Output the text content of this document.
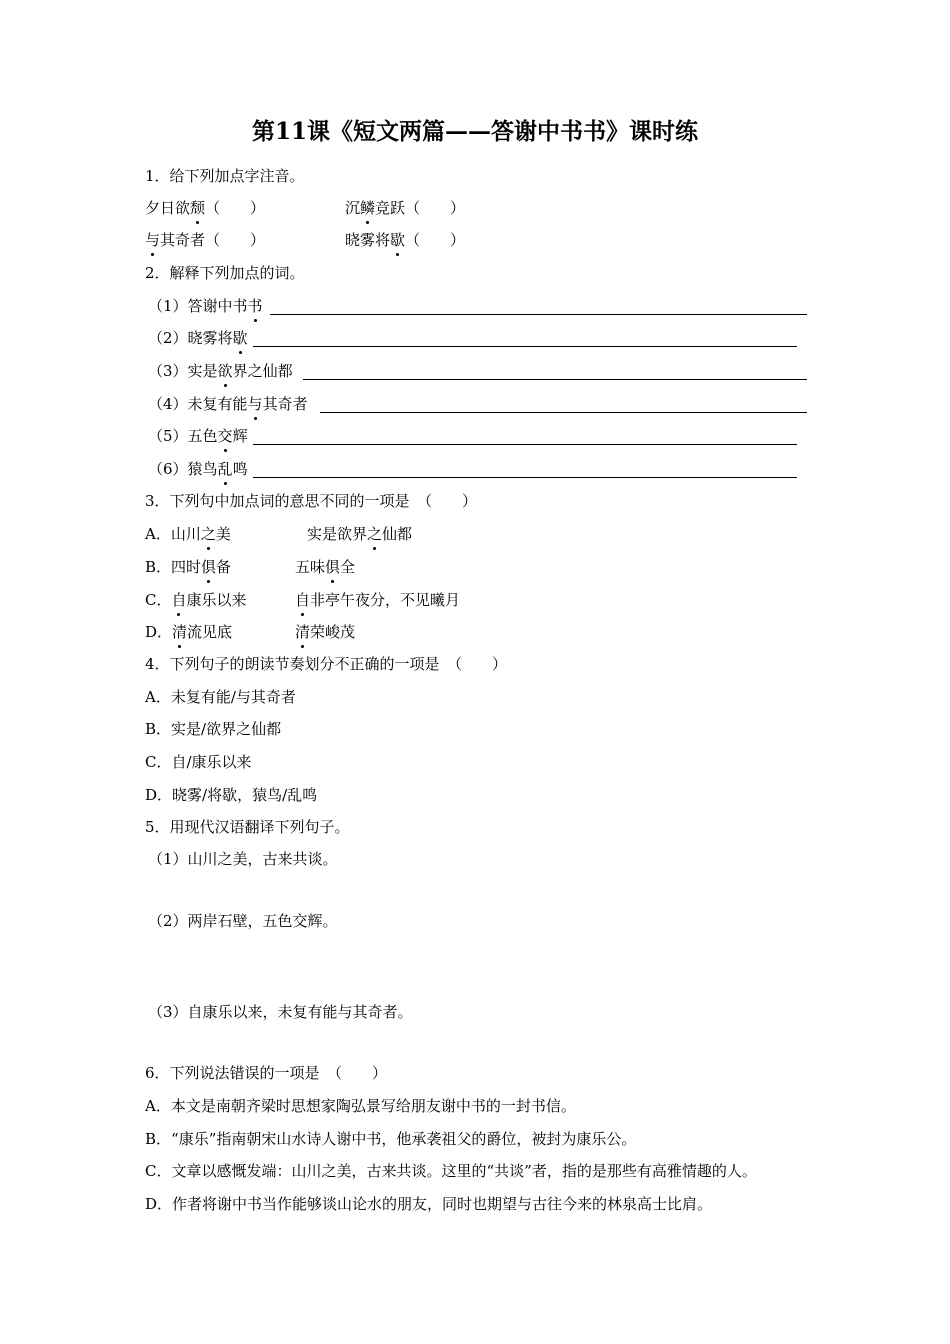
第11课《短文两篇——答谢中书书》课时练
1．给下列加点字注音。
夕日欲颓（　　）	沉鳞竞跃（　　）
与其奇者（　　）	晓雾将歇（　　）
2．解释下列加点的词。
（1）答谢中书书
（2）晓雾将歇
（3）实是欲界之仙都
（4）未复有能与其奇者
（5）五色交辉
（6）猿鸟乱鸣
3．下列句中加点词的意思不同的一项是　（　　）
A．山川之美	实是欲界之仙都
B．四时俱备	五味俱全
C．自康乐以来	自非亭午夜分，不见曦月
D．清流见底	清荣峻茂
4．下列句子的朗读节奏划分不正确的一项是　（　　）
A．未复有能/与其奇者
B．实是/欲界之仙都
C．自/康乐以来
D．晓雾/将歇，猿鸟/乱鸣
5．用现代汉语翻译下列句子。
（1）山川之美，古来共谈。
（2）两岸石壁，五色交辉。
（3）自康乐以来，未复有能与其奇者。
6．下列说法错误的一项是　（　　）
A．本文是南朝齐梁时思想家陶弘景写给朋友谢中书的一封书信。
B．“康乐”指南朝宋山水诗人谢中书，他承袭祖父的爵位，被封为康乐公。
C．文章以感慨发端：山川之美，古来共谈。这里的“共谈”者，指的是那些有高雅情趣的人。
D．作者将谢中书当作能够谈山论水的朋友，同时也期望与古往今来的林泉高士比肩。
